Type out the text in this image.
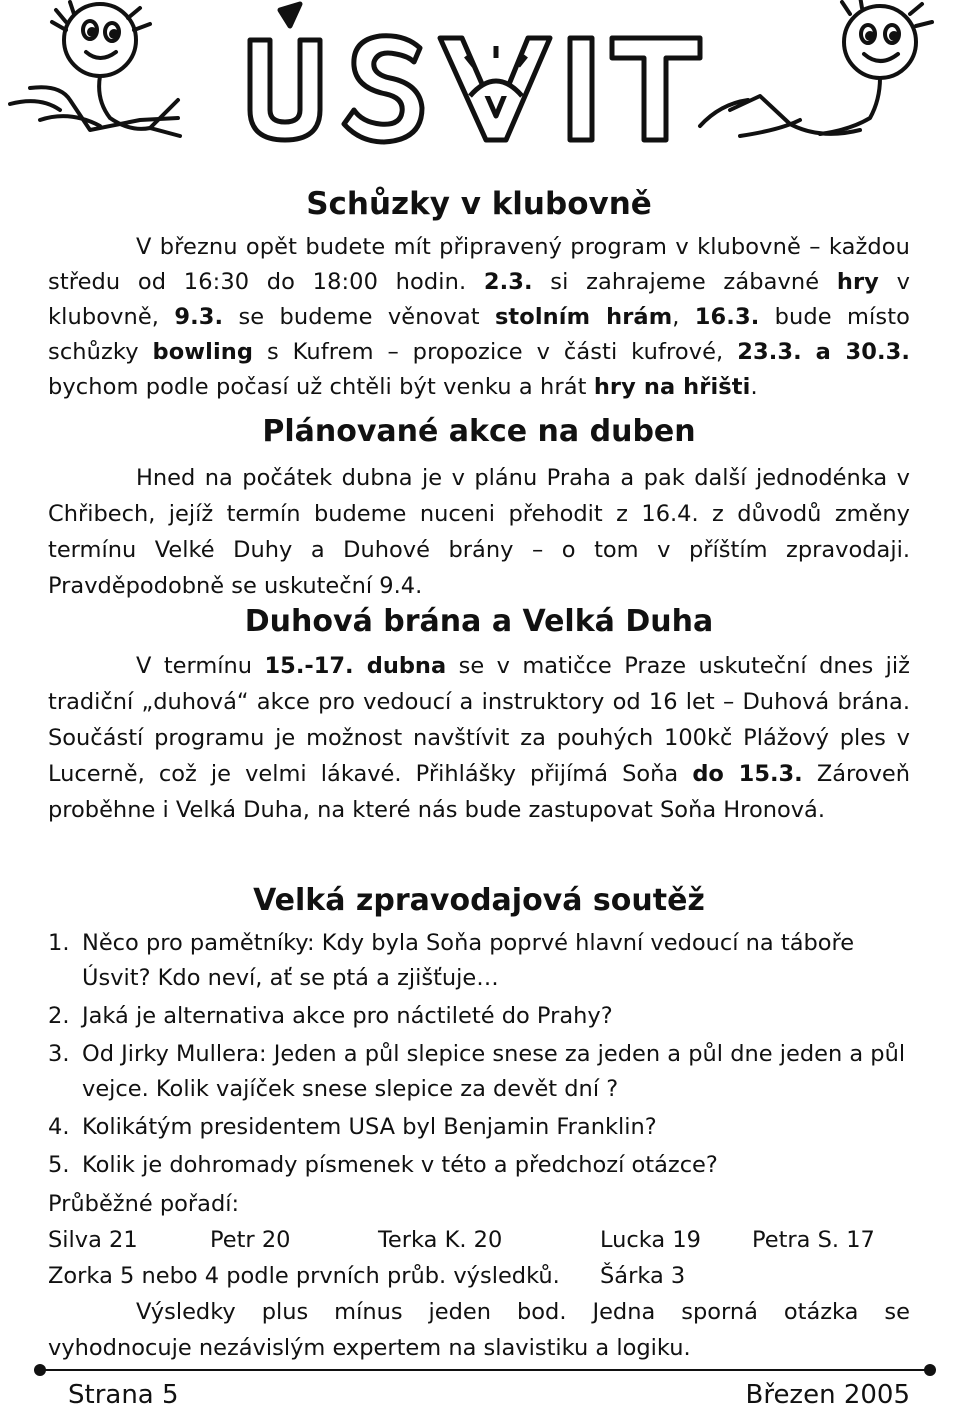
Schůzky v klubovně

V březnu opět budete mít připravený program v klubovně – každou středu od 16:30 do 18:00 hodin. 2.3. si zahrajeme zábavné hry v klubovně, 9.3. se budeme věnovat stolním hrám, 16.3. bude místo schůzky bowling s Kufrem – propozice v části kufrové, 23.3. a 30.3. bychom podle počasí už chtěli být venku a hrát hry na hřišti.

Plánované akce na duben

Hned na počátek dubna je v plánu Praha a pak další jednodénka v Chřibech, jejíž termín budeme nuceni přehodit z 16.4. z důvodů změny termínu Velké Duhy a Duhové brány – o tom v příštím zpravodaji. Pravděpodobně se uskuteční 9.4.

Duhová brána a Velká Duha

V termínu 15.-17. dubna se v matičce Praze uskuteční dnes již tradiční „duhová“ akce pro vedoucí a instruktory od 16 let – Duhová brána. Součástí programu je možnost navštívit za pouhých 100kč Plážový ples v Lucerně, což je velmi lákavé. Přihlášky přijímá Soňa do 15.3. Zároveň proběhne i Velká Duha, na které nás bude zastupovat Soňa Hronová.

Velká zpravodajová soutěž
1. Něco pro pamětníky: Kdy byla Soňa poprvé hlavní vedoucí na táboře Úsvit? Kdo neví, ať se ptá a zjišťuje…
2. Jaká je alternativa akce pro náctileté do Prahy?
3. Od Jirky Mullera: Jeden a půl slepice snese za jeden a půl dne jeden a půl vejce. Kolik vajíček snese slepice za devět dní ?
4. Kolikátým presidentem USA byl Benjamin Franklin?
5. Kolik je dohromady písmenek v této a předchozí otázce?
Průběžné pořadí:
Silva 21	Petr 20	Terka K. 20	Lucka 19 Petra S. 17
Zorka 5 nebo 4 podle prvních průb. výsledků. Šárka 3

Výsledky plus mínus jeden bod. Jedna sporná otázka se vyhodnocuje nezávislým expertem na slavistiku a logiku.

Strana 5	Březen 2005
